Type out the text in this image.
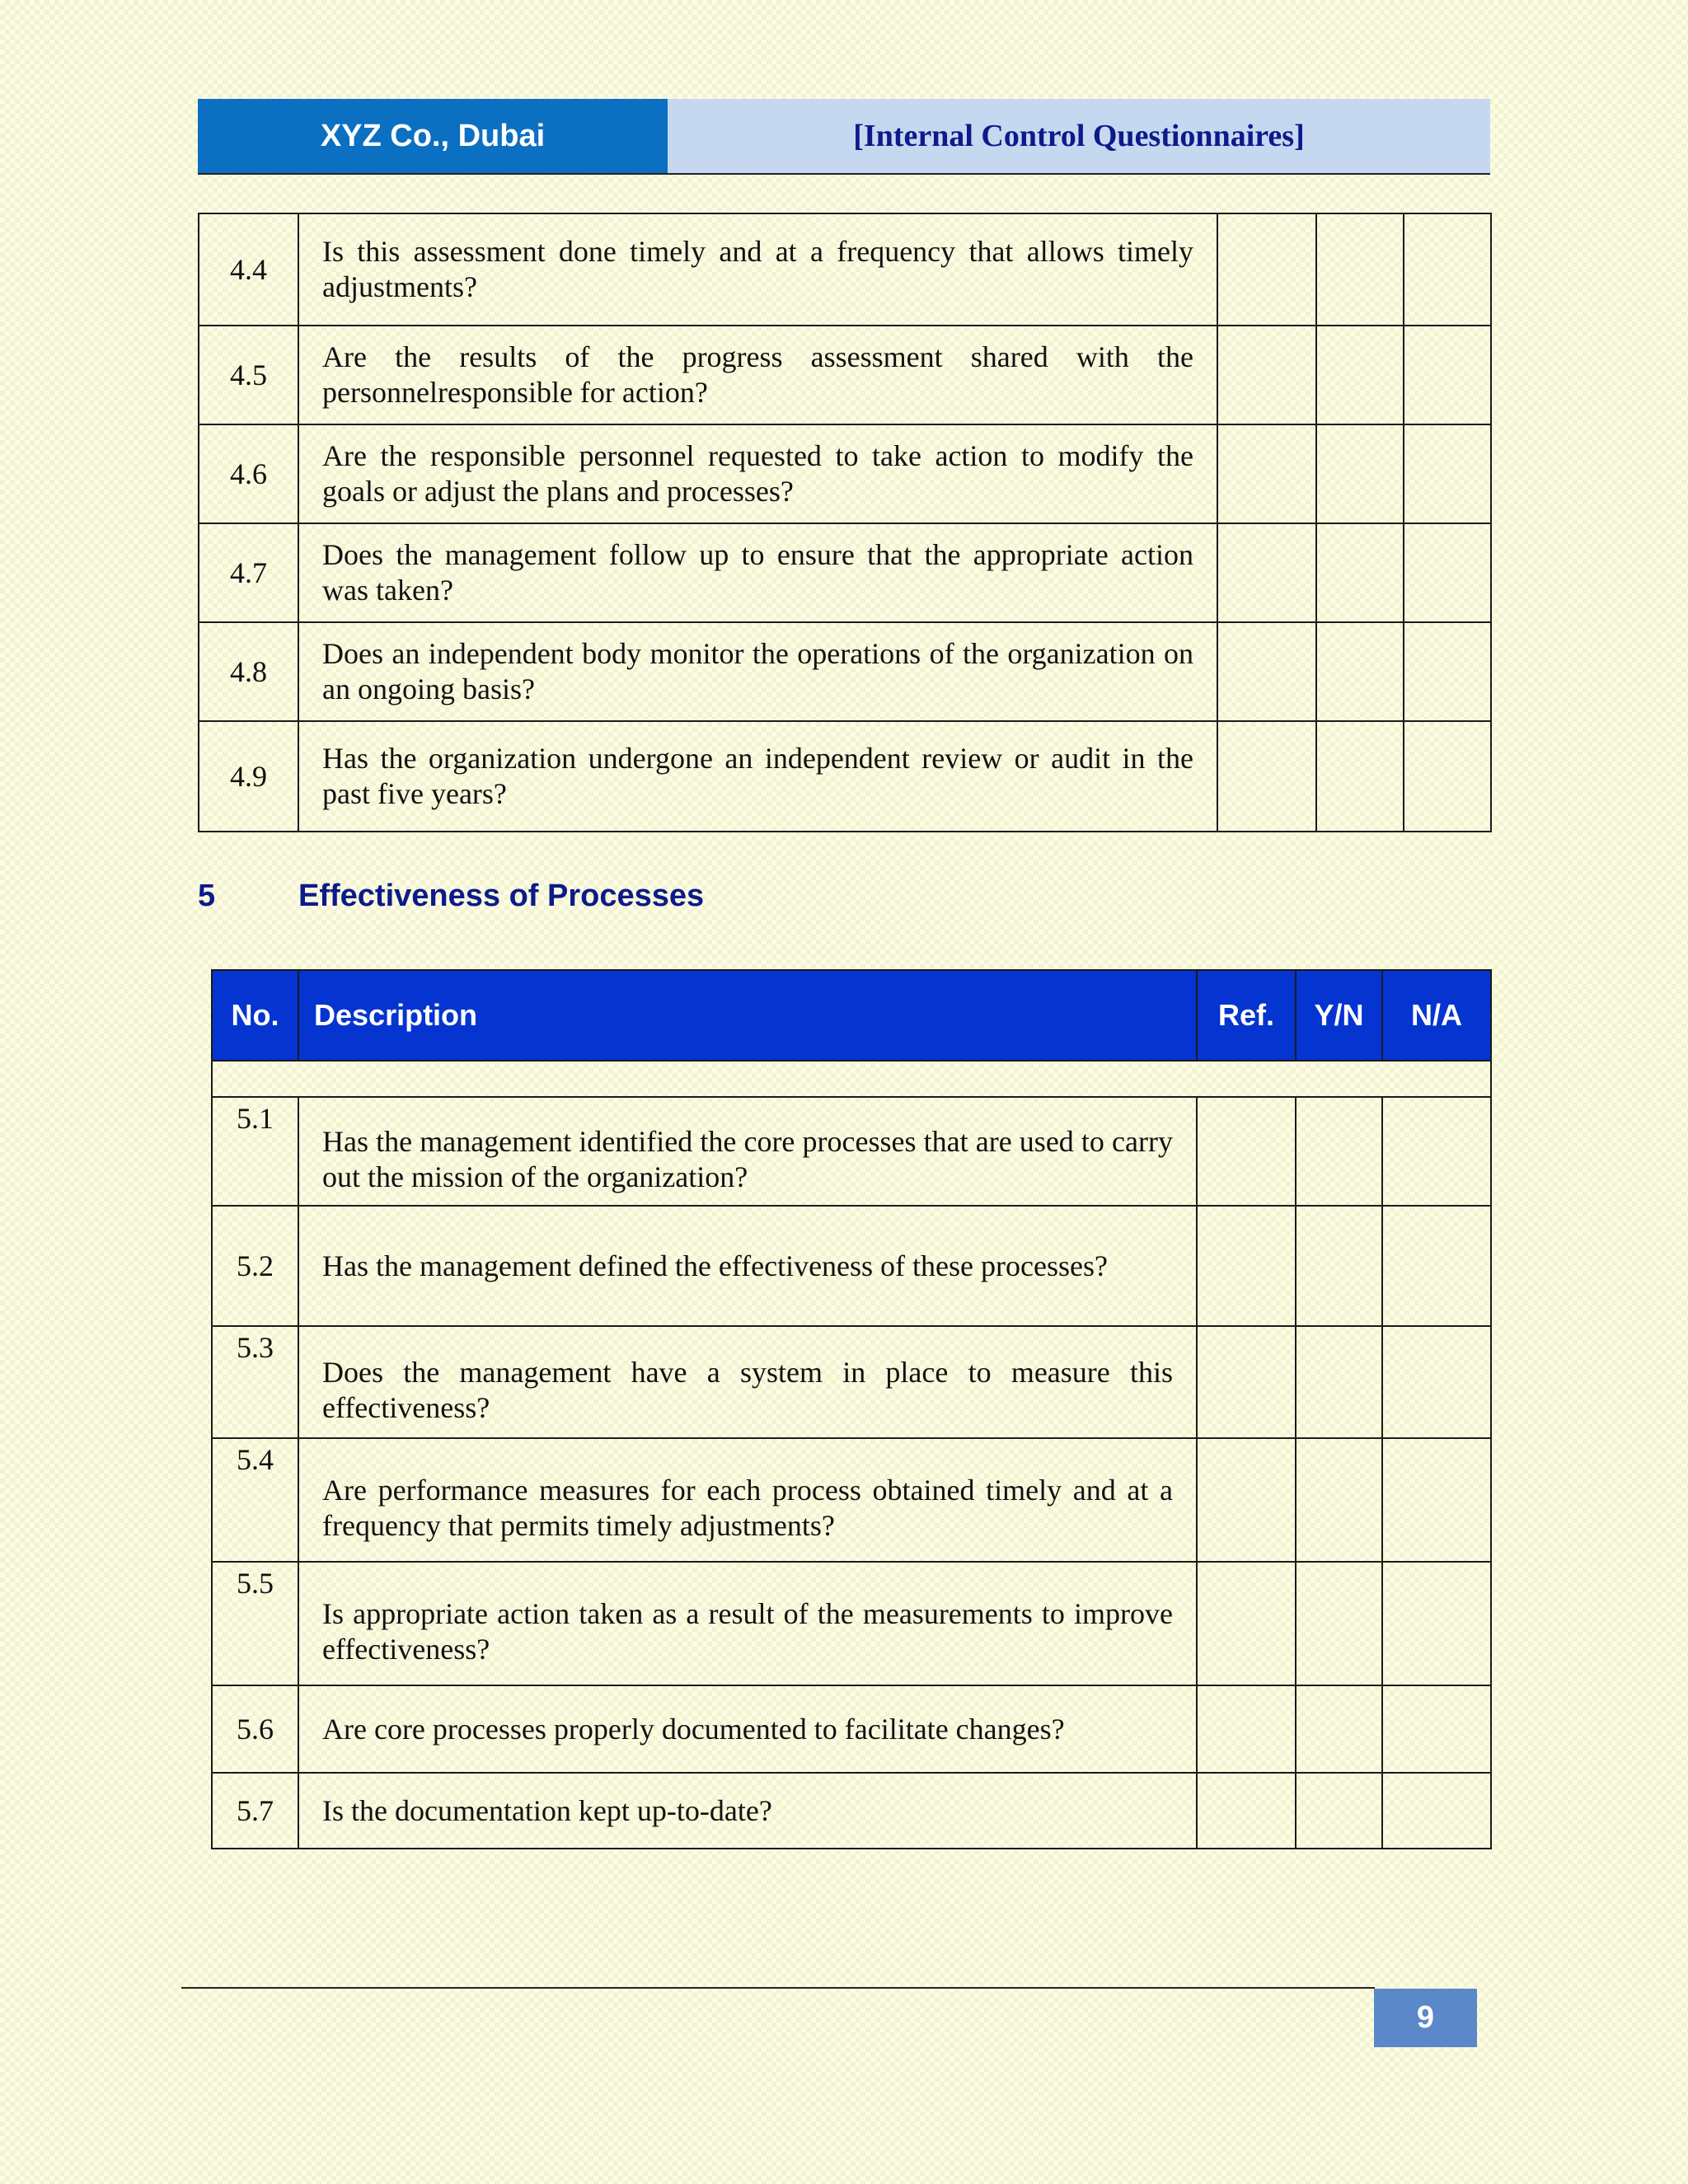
XYZ Co., Dubai	[Internal Control Questionnaires]
4.4	Is this assessment done timely and at a frequency that allows timely adjustments?			
4.5	Are the results of the progress assessment shared with the personnelresponsible for action?			
4.6	Are the responsible personnel requested to take action to modify the goals or adjust the plans and processes?			
4.7	Does the management follow up to ensure that the appropriate action was taken?			
4.8	Does an independent body monitor the operations of the organization on an ongoing basis?			
4.9	Has the organization undergone an independent review or audit in the past five years?			
5	Effectiveness of Processes
No.	Description	Ref.	Y/N	N/A

5.1	Has the management identified the core processes that are used to carry out the mission of the organization?			
5.2	Has the management defined the effectiveness of these processes?			
5.3	Does the management have a system in place to measure this effectiveness?			
5.4	Are performance measures for each process obtained timely and at a frequency that permits timely adjustments?			
5.5	Is appropriate action taken as a result of the measurements to improve effectiveness?			
5.6	Are core processes properly documented to facilitate changes?			
5.7	Is the documentation kept up-to-date?			
9
